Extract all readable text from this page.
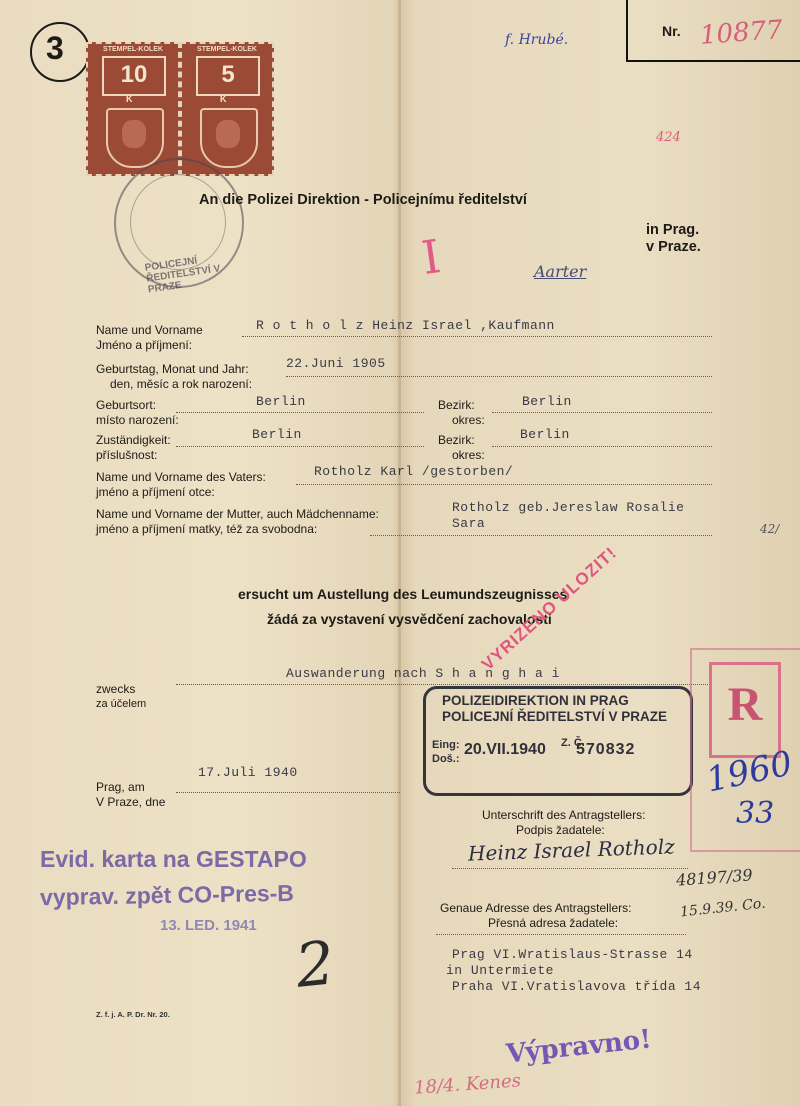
3	STEMPEL-KOLEK
10
K
STEMPEL-KOLEK
5
K
Nr. 10877
f. Hrubé.
424
POLICEJNÍ ŘEDITELSTVÍ V PRAZE
An die Polizei Direktion - Policejnímu ředitelství
in Prag.
v Praze.
I	Aarter
Name und Vorname
Jméno a příjmení:
R o t h o l z Heinz Israel ,Kaufmann
Geburtstag, Monat und Jahr:
den, měsíc a rok narození:
22.Juni 1905
Geburtsort:
místo narození:
Berlin	Bezirk:
okres:
Berlin
Zuständigkeit:
příslušnost:
Berlin	Bezirk:
okres:
Berlin
Name und Vorname des Vaters:
jméno a příjmení otce:
Rotholz Karl /gestorben/
Name und Vorname der Mutter, auch Mädchenname:
jméno a příjmení matky, též za svobodna:
Rotholz geb.Jereslaw Rosalie
Sara	42/
ersucht um Austellung des Leumundszeugnisses
žádá za vystavení vysvědčení zachovalosti
VYRIZENO ULOZIT!
zwecks
za účelem
Auswanderung nach S h a n g h a i
POLIZEIDIREKTION IN PRAG
POLICEJNÍ ŘEDITELSTVÍ V PRAZE
Eing:
Doš.:
20.VII.1940 Z. Č.
570832
R
1960
33
48197/39
15.9.39. Co.
Prag, am
V Praze, dne
17.Juli 1940
Unterschrift des Antragstellers:
Podpis žadatele:
Heinz Israel Rotholz
Genaue Adresse des Antragstellers:
Přesná adresa žadatele:
Prag VI.Wratislaus-Strasse 14
in Untermiete
Praha VI.Vratislavova třída 14
Evid. karta na GESTAPO
vyprav. zpět CO-Pres-B
13. LED. 1941
2
Z. f. j. A. P. Dr. Nr. 20.
Výpravno!
18/4. Kenes
